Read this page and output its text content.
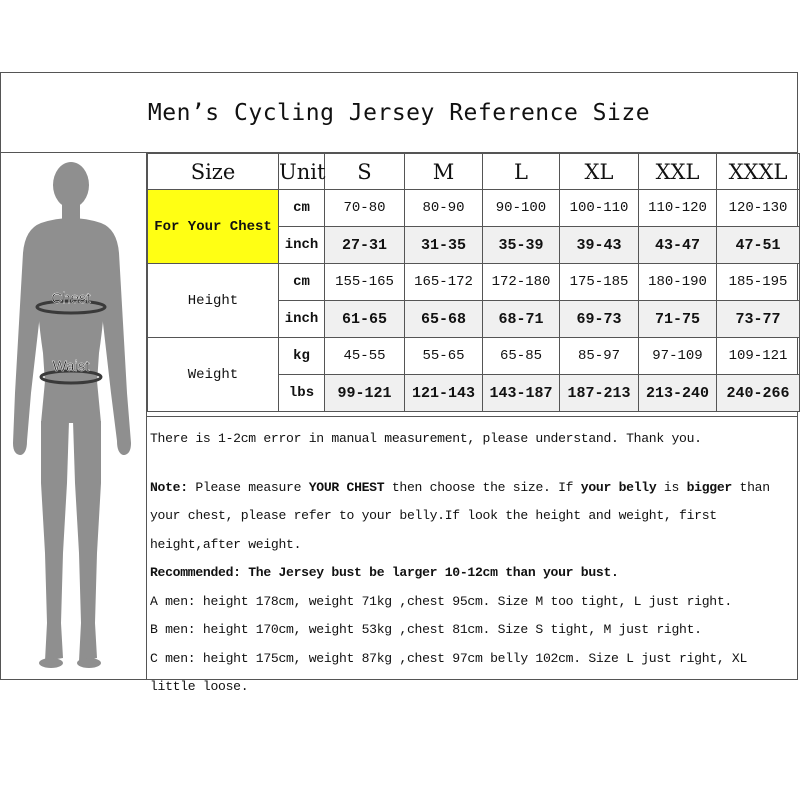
Men’s Cycling Jersey Reference Size
Chest
Waist
Size	Unit	S	M	L	XL	XXL	XXXL
For Your Chest	cm	70-80	80-90	90-100	100-110	110-120	120-130
	inch	27-31	31-35	35-39	39-43	43-47	47-51
Height	cm	155-165	165-172	172-180	175-185	180-190	185-195
	inch	61-65	65-68	68-71	69-73	71-75	73-77
Weight	kg	45-55	55-65	65-85	85-97	97-109	109-121
	lbs	99-121	121-143	143-187	187-213	213-240	240-266

There is 1-2cm error in manual measurement, please understand. Thank you.

Note: Please measure YOUR CHEST then choose the size. If your belly is bigger than your chest, please refer to your belly.If look the height and weight, first height,after weight.

Recommended: The Jersey bust be larger 10-12cm than your bust.

A men: height 178cm, weight 71kg ,chest 95cm. Size M too tight, L just right.

B men: height 170cm, weight 53kg ,chest 81cm. Size S tight, M just right.

C men: height 175cm, weight 87kg ,chest 97cm belly 102cm. Size L just right, XL little loose.
